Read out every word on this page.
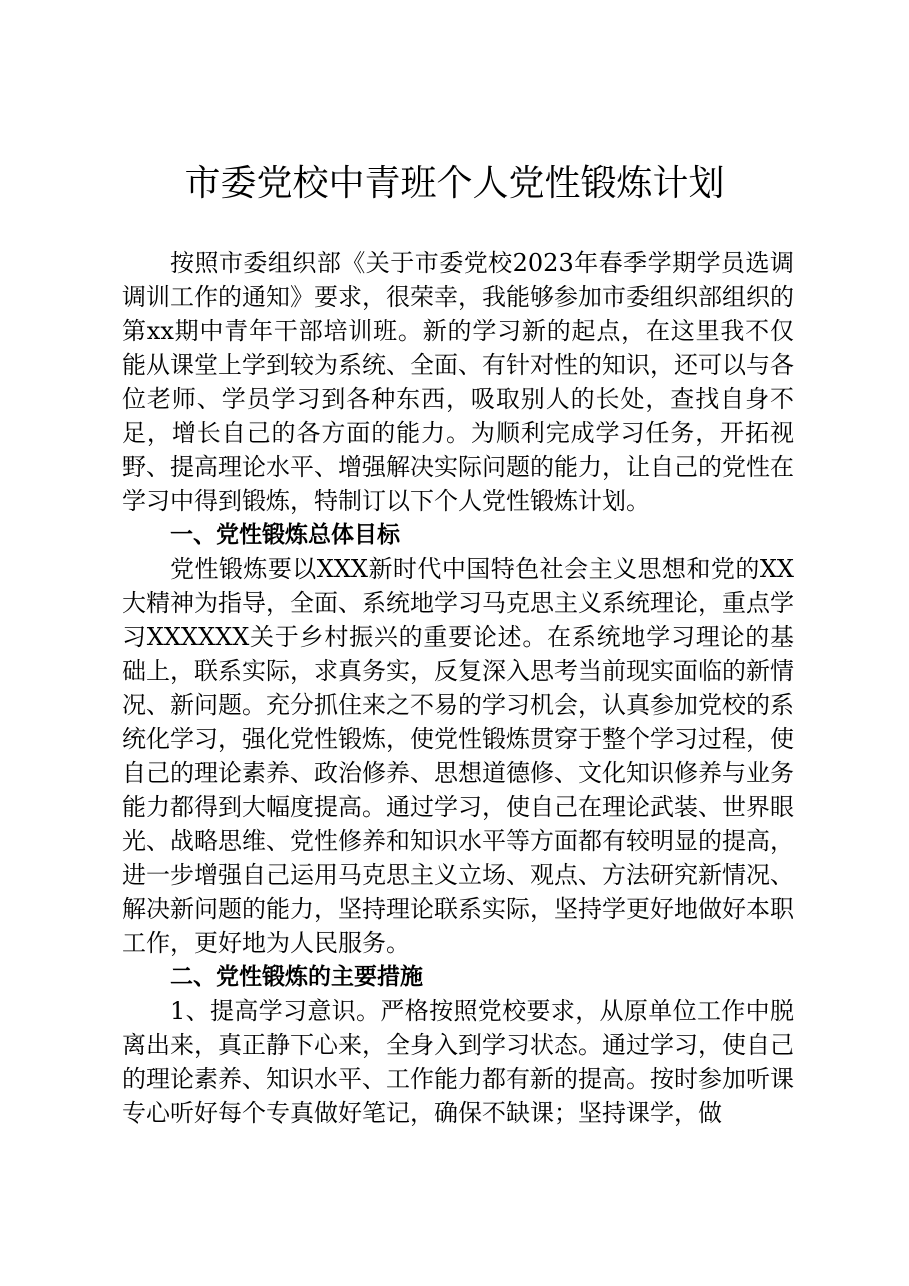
市委党校中青班个人党性锻炼计划

按照市委组织部《关于市委党校2023年春季学期学员选调调训工作的通知》要求，很荣幸，我能够参加市委组织部组织的第xx期中青年干部培训班。新的学习新的起点，在这里我不仅能从课堂上学到较为系统、全面、有针对性的知识，还可以与各位老师、学员学习到各种东西，吸取别人的长处，查找自身不足，增长自己的各方面的能力。为顺利完成学习任务，开拓视野、提高理论水平、增强解决实际问题的能力，让自己的党性在学习中得到锻炼，特制订以下个人党性锻炼计划。

一、党性锻炼总体目标

党性锻炼要以XXX新时代中国特色社会主义思想和党的XX大精神为指导，全面、系统地学习马克思主义系统理论，重点学习XXXXXX关于乡村振兴的重要论述。在系统地学习理论的基础上，联系实际，求真务实，反复深入思考当前现实面临的新情况、新问题。充分抓住来之不易的学习机会，认真参加党校的系统化学习，强化党性锻炼，使党性锻炼贯穿于整个学习过程，使自己的理论素养、政治修养、思想道德修、文化知识修养与业务能力都得到大幅度提高。通过学习，使自己在理论武装、世界眼光、战略思维、党性修养和知识水平等方面都有较明显的提高，进一步增强自己运用马克思主义立场、观点、方法研究新情况、解决新问题的能力，坚持理论联系实际，坚持学更好地做好本职工作，更好地为人民服务。

二、党性锻炼的主要措施

1、提高学习意识。严格按照党校要求，从原单位工作中脱离出来，真正静下心来，全身入到学习状态。通过学习，使自己的理论素养、知识水平、工作能力都有新的提高。按时参加听课专心听好每个专真做好笔记，确保不缺课；坚持课学，做
